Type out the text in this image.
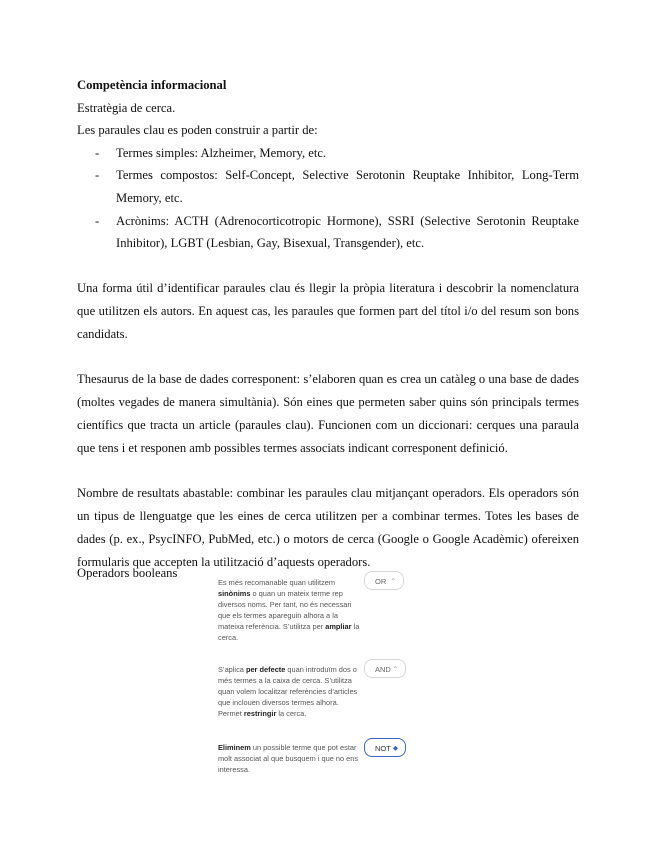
Competència informacional

Estratègia de cerca.

Les paraules clau es poden construir a partir de:

- Termes simples: Alzheimer, Memory, etc.
- Termes compostos: Self-Concept, Selective Serotonin Reuptake Inhibitor, Long-Term Memory, etc.
- Acrònims: ACTH (Adrenocorticotropic Hormone), SSRI (Selective Serotonin Reuptake Inhibitor), LGBT (Lesbian, Gay, Bisexual, Transgender), etc.

Una forma útil d’identificar paraules clau és llegir la pròpia literatura i descobrir la nomenclatura que utilitzen els autors. En aquest cas, les paraules que formen part del títol i/o del resum son bons candidats.

Thesaurus de la base de dades corresponent: s’elaboren quan es crea un catàleg o una base de dades (moltes vegades de manera simultània). Són eines que permeten saber quins són principals termes científics que tracta un article (paraules clau). Funcionen com un diccionari: cerques una paraula que tens i et responen amb possibles termes associats indicant corresponent definició.

Nombre de resultats abastable: combinar les paraules clau mitjançant operadors. Els operadors són un tipus de llenguatge que les eines de cerca utilitzen per a combinar termes. Totes les bases de dades (p. ex., PsycINFO, PubMed, etc.) o motors de cerca (Google o Google Acadèmic) ofereixen formularis que accepten la utilització d’aquests operadors.

Operadors booleans
Es més recomanable quan utilitzem sinònims o quan un mateix terme rep diversos noms. Per tant, no és necessari que els termes apareguin alhora a la mateixa referència. S’utilitza per ampliar la cerca.
OR ⌃
S’aplica per defecte quan introduïm dos o més termes a la caixa de cerca. S’utilitza quan volem localitzar referències d’articles que inclouen diversos termes alhora. Permet restringir la cerca.
AND ⌃
Eliminem un possible terme que pot estar molt associat al que busquem i que no ens interessa.
NOT ◆
